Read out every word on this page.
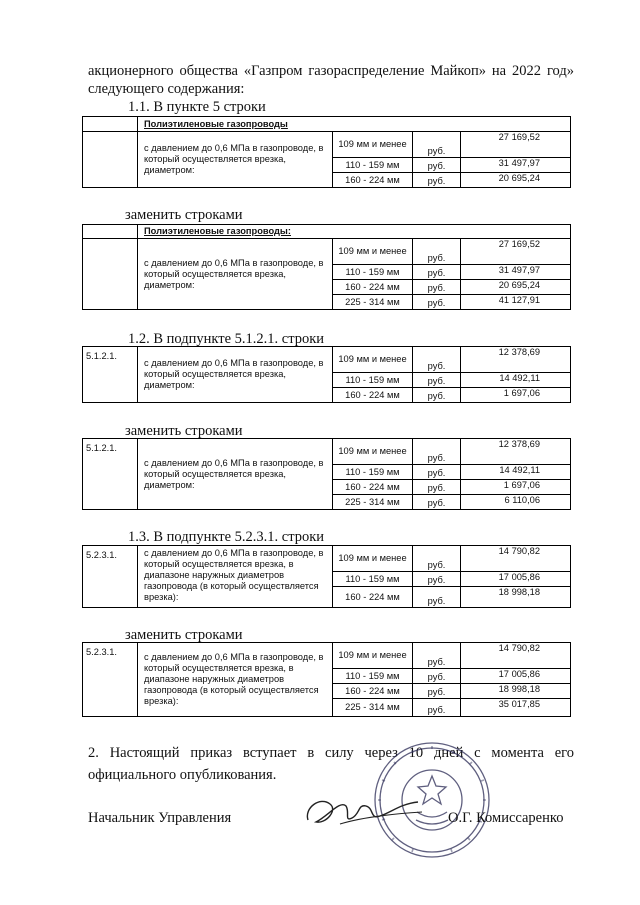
акционерного общества «Газпром газораспределение Майкоп» на 2022 год» следующего содержания:
1.1. В пункте 5 строки
	Полиэтиленовые газопроводы			
	с давлением до 0,6 МПа в газопроводе, в который осуществляется врезка, диаметром:	109 мм и менее	руб.	27 169,52
		110 - 159 мм	руб.	31 497,97
		160 - 224 мм	руб.	20 695,24
заменить строками
	Полиэтиленовые газопроводы:			
	с давлением до 0,6 МПа в газопроводе, в который осуществляется врезка, диаметром:	109 мм и менее	руб.	27 169,52
		110 - 159 мм	руб.	31 497,97
		160 - 224 мм	руб.	20 695,24
		225 - 314 мм	руб.	41 127,91
1.2. В подпункте 5.1.2.1. строки
5.1.2.1.	с давлением до 0,6 МПа в газопроводе, в который осуществляется врезка, диаметром:	109 мм и менее	руб.	12 378,69
		110 - 159 мм	руб.	14 492,11
		160 - 224 мм	руб.	1 697,06
заменить строками
5.1.2.1.	с давлением до 0,6 МПа в газопроводе, в который осуществляется врезка, диаметром:	109 мм и менее	руб.	12 378,69
		110 - 159 мм	руб.	14 492,11
		160 - 224 мм	руб.	1 697,06
		225 - 314 мм	руб.	6 110,06
1.3. В подпункте 5.2.3.1. строки
5.2.3.1.	с давлением до 0,6 МПа в газопроводе, в который осуществляется врезка, в диапазоне наружных диаметров газопровода (в который осуществляется врезка):	109 мм и менее	руб.	14 790,82
		110 - 159 мм	руб.	17 005,86
		160 - 224 мм	руб.	18 998,18
заменить строками
5.2.3.1.	с давлением до 0,6 МПа в газопроводе, в который осуществляется врезка, в диапазоне наружных диаметров газопровода (в который осуществляется врезка):	109 мм и менее	руб.	14 790,82
		110 - 159 мм	руб.	17 005,86
		160 - 224 мм	руб.	18 998,18
		225 - 314 мм	руб.	35 017,85
2. Настоящий приказ вступает в силу через 10 дней с момента его официального опубликования.
Начальник Управления	О.Г. Комиссаренко
